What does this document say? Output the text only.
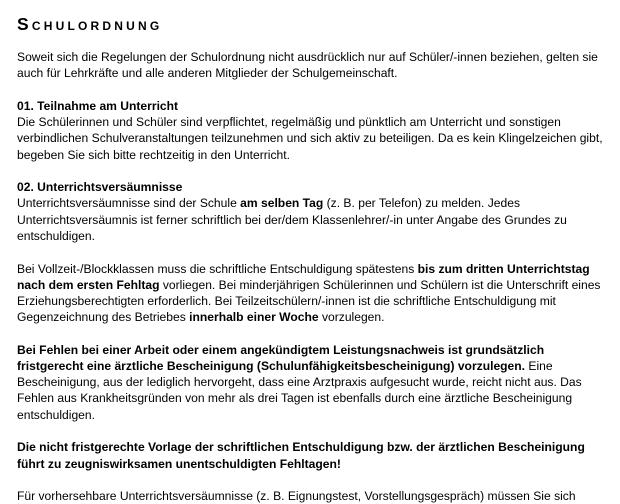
Schulordnung

Soweit sich die Regelungen der Schulordnung nicht ausdrücklich nur auf Schüler/-innen beziehen, gelten sie auch für Lehrkräfte und alle anderen Mitglieder der Schulgemeinschaft.

01. Teilnahme am Unterricht

Die Schülerinnen und Schüler sind verpflichtet, regelmäßig und pünktlich am Unterricht und sonstigen verbindlichen Schulveranstaltungen teilzunehmen und sich aktiv zu beteiligen. Da es kein Klingelzeichen gibt, begeben Sie sich bitte rechtzeitig in den Unterricht.

02. Unterrichtsversäumnisse

Unterrichtsversäumnisse sind der Schule am selben Tag (z. B. per Telefon) zu melden. Jedes Unterrichtsversäumnis ist ferner schriftlich bei der/dem Klassenlehrer/-in unter Angabe des Grundes zu entschuldigen.

Bei Vollzeit-/Blockklassen muss die schriftliche Entschuldigung spätestens bis zum dritten Unterrichtstag nach dem ersten Fehltag vorliegen. Bei minderjährigen Schülerinnen und Schülern ist die Unterschrift eines Erziehungsberechtigten erforderlich. Bei Teilzeitschülern/-innen ist die schriftliche Entschuldigung mit Gegenzeichnung des Betriebes innerhalb einer Woche vorzulegen.

Bei Fehlen bei einer Arbeit oder einem angekündigtem Leistungsnachweis ist grundsätzlich fristgerecht eine ärztliche Bescheinigung (Schulunfähigkeitsbescheinigung) vorzulegen. Eine Bescheinigung, aus der lediglich hervorgeht, dass eine Arztpraxis aufgesucht wurde, reicht nicht aus. Das Fehlen aus Krankheitsgründen von mehr als drei Tagen ist ebenfalls durch eine ärztliche Bescheinigung entschuldigen.

Die nicht fristgerechte Vorlage der schriftlichen Entschuldigung bzw. der ärztlichen Bescheinigung führt zu zeugniswirksamen unentschuldigten Fehltagen!

Für vorhersehbare Unterrichtsversäumnisse (z. B. Eignungstest, Vorstellungsgespräch) müssen Sie sich
